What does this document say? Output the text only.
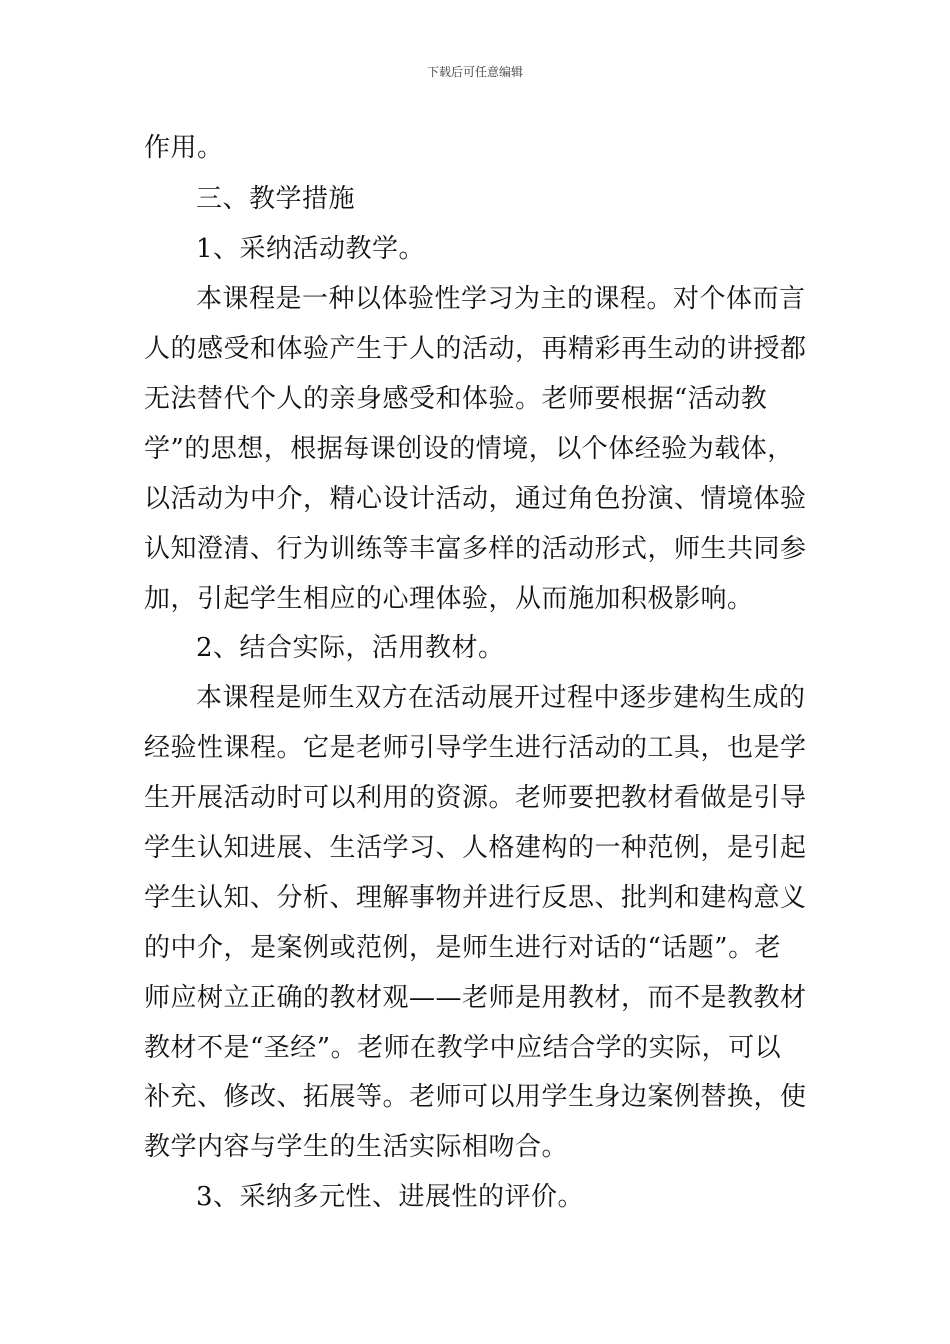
下载后可任意编辑
作用。
三、教学措施
1、采纳活动教学。
本课程是一种以体验性学习为主的课程。对个体而言
人的感受和体验产生于人的活动，再精彩再生动的讲授都
无法替代个人的亲身感受和体验。老师要根据“活动教
学”的思想，根据每课创设的情境，以个体经验为载体，
以活动为中介，精心设计活动，通过角色扮演、情境体验
认知澄清、行为训练等丰富多样的活动形式，师生共同参
加，引起学生相应的心理体验，从而施加积极影响。
2、结合实际，活用教材。
本课程是师生双方在活动展开过程中逐步建构生成的
经验性课程。它是老师引导学生进行活动的工具，也是学
生开展活动时可以利用的资源。老师要把教材看做是引导
学生认知进展、生活学习、人格建构的一种范例，是引起
学生认知、分析、理解事物并进行反思、批判和建构意义
的中介，是案例或范例，是师生进行对话的“话题”。老
师应树立正确的教材观——老师是用教材，而不是教教材
教材不是“圣经”。老师在教学中应结合学的实际，可以
补充、修改、拓展等。老师可以用学生身边案例替换，使
教学内容与学生的生活实际相吻合。
3、采纳多元性、进展性的评价。
